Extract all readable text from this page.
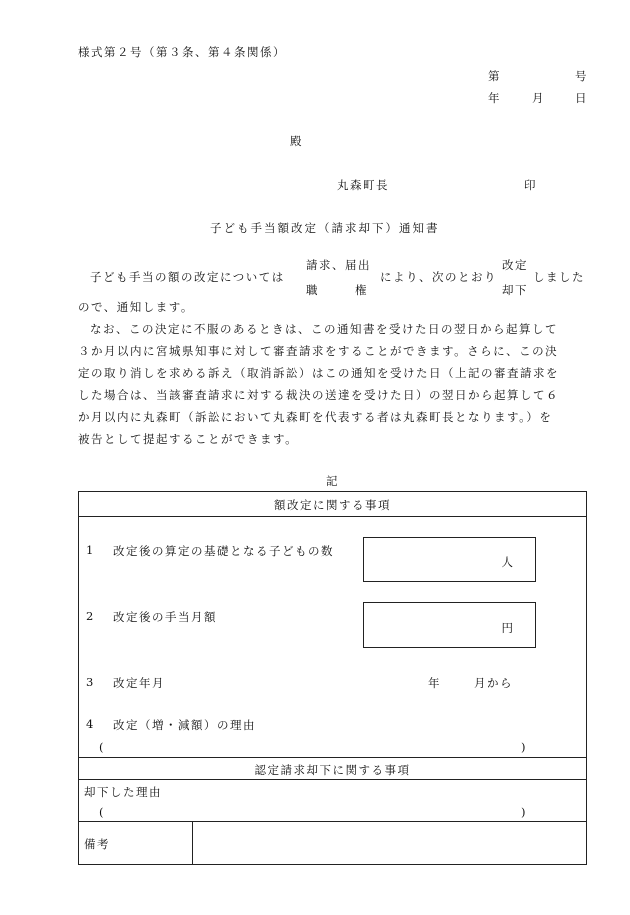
様式第２号（第３条、第４条関係）
第	号
年	月	日
殿
丸森町長	印
子ども手当額改定（請求却下）通知書
請求、届出	改定
子ども手当の額の改定については	により、次のとおり	しました
職	権	却下
ので、通知します。
なお、この決定に不服のあるときは、この通知書を受けた日の翌日から起算して
３か月以内に宮城県知事に対して審査請求をすることができます。さらに、この決
定の取り消しを求める訴え（取消訴訟）はこの通知を受けた日（上記の審査請求を
した場合は、当該審査請求に対する裁決の送達を受けた日）の翌日から起算して６
か月以内に丸森町（訴訟において丸森町を代表する者は丸森町長となります。）を
被告として提起することができます。
記
額改定に関する事項
1 改定後の算定の基礎となる子どもの数
人
2 改定後の手当月額
円
3 改定年月	年	月から
4 改定（増・減額）の理由
(	)
認定請求却下に関する事項
却下した理由
(	)
備考
